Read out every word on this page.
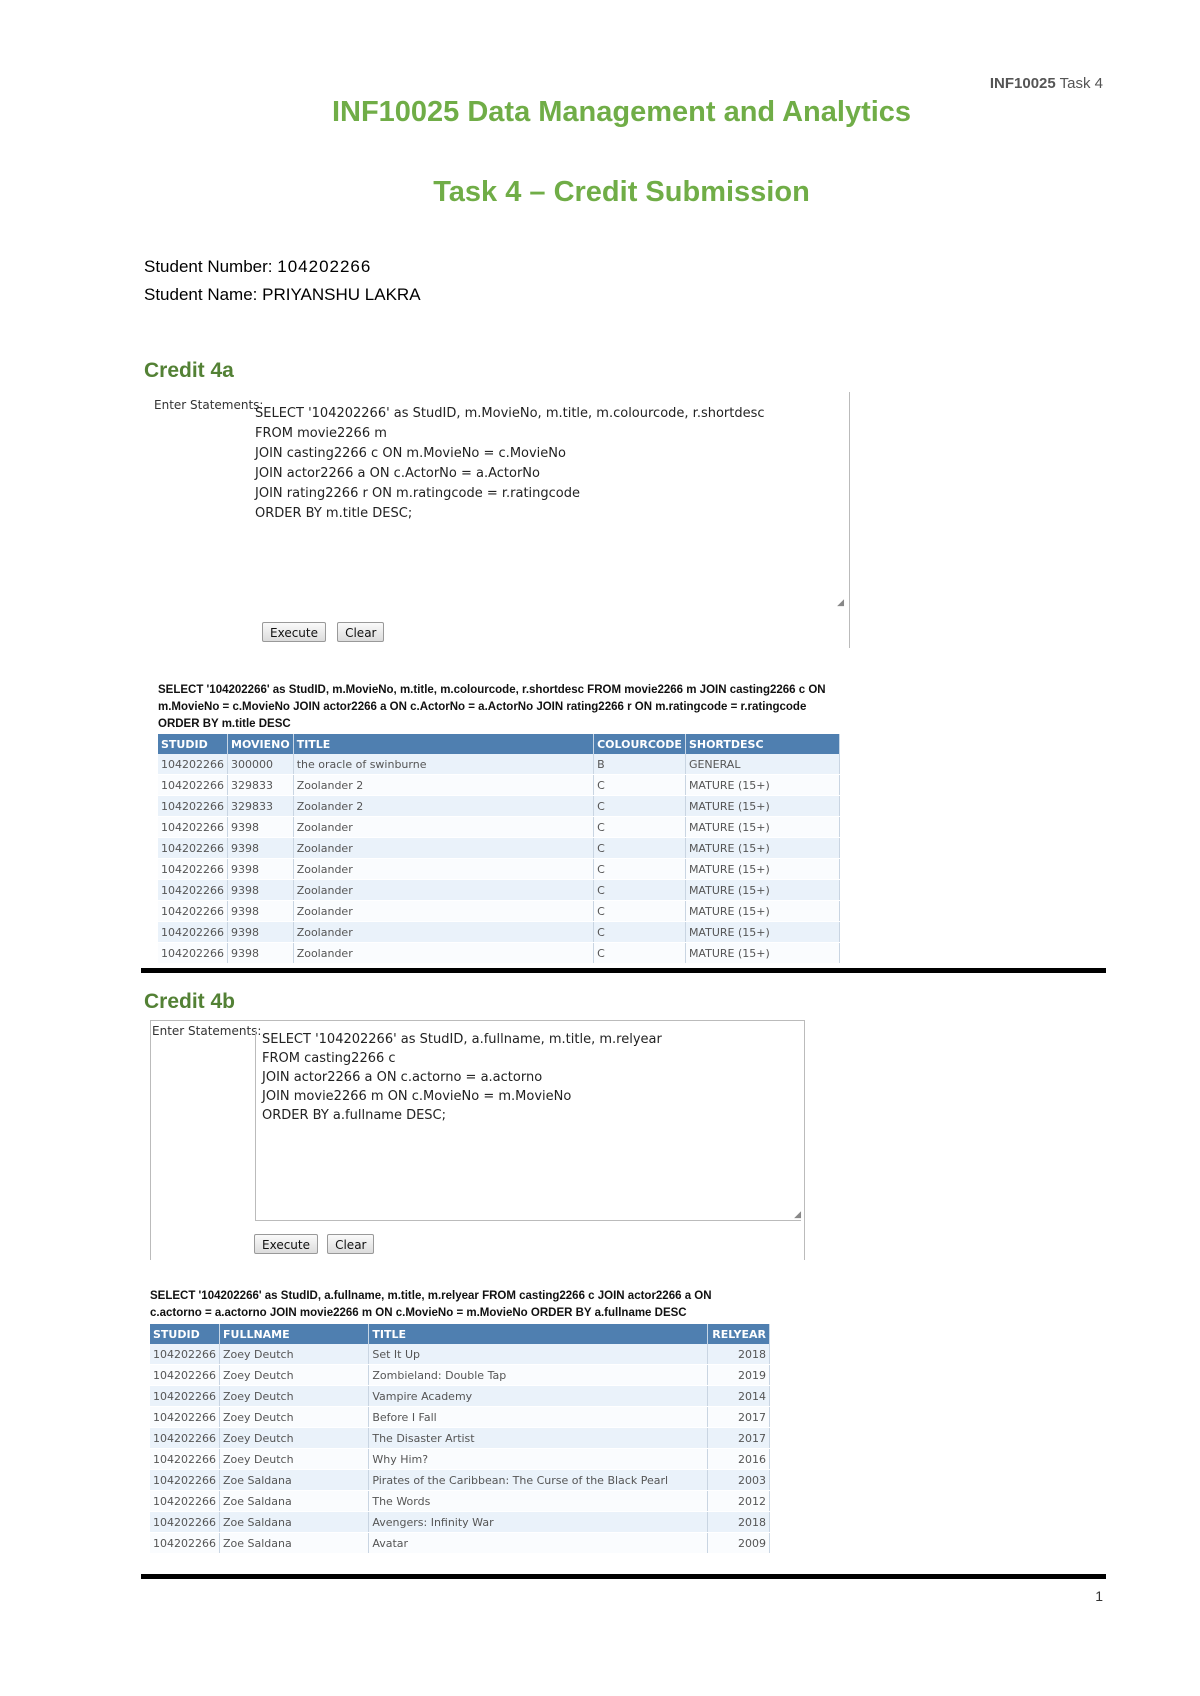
INF10025 Task 4
INF10025 Data Management and Analytics
Task 4 – Credit Submission
Student Number: 104202266
Student Name: PRIYANSHU LAKRA
Credit 4a
Enter Statements:
SELECT '104202266' as StudID, m.MovieNo, m.title, m.colourcode, r.shortdesc
FROM movie2266 m
JOIN casting2266 c ON m.MovieNo = c.MovieNo
JOIN actor2266 a ON c.ActorNo = a.ActorNo
JOIN rating2266 r ON m.ratingcode = r.ratingcode
ORDER BY m.title DESC;
◢
Execute Clear
SELECT '104202266' as StudID, m.MovieNo, m.title, m.colourcode, r.shortdesc FROM movie2266 m JOIN casting2266 c ON
m.MovieNo = c.MovieNo JOIN actor2266 a ON c.ActorNo = a.ActorNo JOIN rating2266 r ON m.ratingcode = r.ratingcode
ORDER BY m.title DESC
STUDID	MOVIENO	TITLE	COLOURCODE	SHORTDESC
104202266	300000	the oracle of swinburne	B	GENERAL
104202266	329833	Zoolander 2	C	MATURE (15+)
104202266	329833	Zoolander 2	C	MATURE (15+)
104202266	9398	Zoolander	C	MATURE (15+)
104202266	9398	Zoolander	C	MATURE (15+)
104202266	9398	Zoolander	C	MATURE (15+)
104202266	9398	Zoolander	C	MATURE (15+)
104202266	9398	Zoolander	C	MATURE (15+)
104202266	9398	Zoolander	C	MATURE (15+)
104202266	9398	Zoolander	C	MATURE (15+)
Credit 4b
Enter Statements:
SELECT '104202266' as StudID, a.fullname, m.title, m.relyear
FROM casting2266 c
JOIN actor2266 a ON c.actorno = a.actorno
JOIN movie2266 m ON c.MovieNo = m.MovieNo
ORDER BY a.fullname DESC;
◢
Execute Clear
SELECT '104202266' as StudID, a.fullname, m.title, m.relyear FROM casting2266 c JOIN actor2266 a ON
c.actorno = a.actorno JOIN movie2266 m ON c.MovieNo = m.MovieNo ORDER BY a.fullname DESC
STUDID	FULLNAME	TITLE	RELYEAR
104202266	Zoey Deutch	Set It Up	2018
104202266	Zoey Deutch	Zombieland: Double Tap	2019
104202266	Zoey Deutch	Vampire Academy	2014
104202266	Zoey Deutch	Before I Fall	2017
104202266	Zoey Deutch	The Disaster Artist	2017
104202266	Zoey Deutch	Why Him?	2016
104202266	Zoe Saldana	Pirates of the Caribbean: The Curse of the Black Pearl	2003
104202266	Zoe Saldana	The Words	2012
104202266	Zoe Saldana	Avengers: Infinity War	2018
104202266	Zoe Saldana	Avatar	2009
1
